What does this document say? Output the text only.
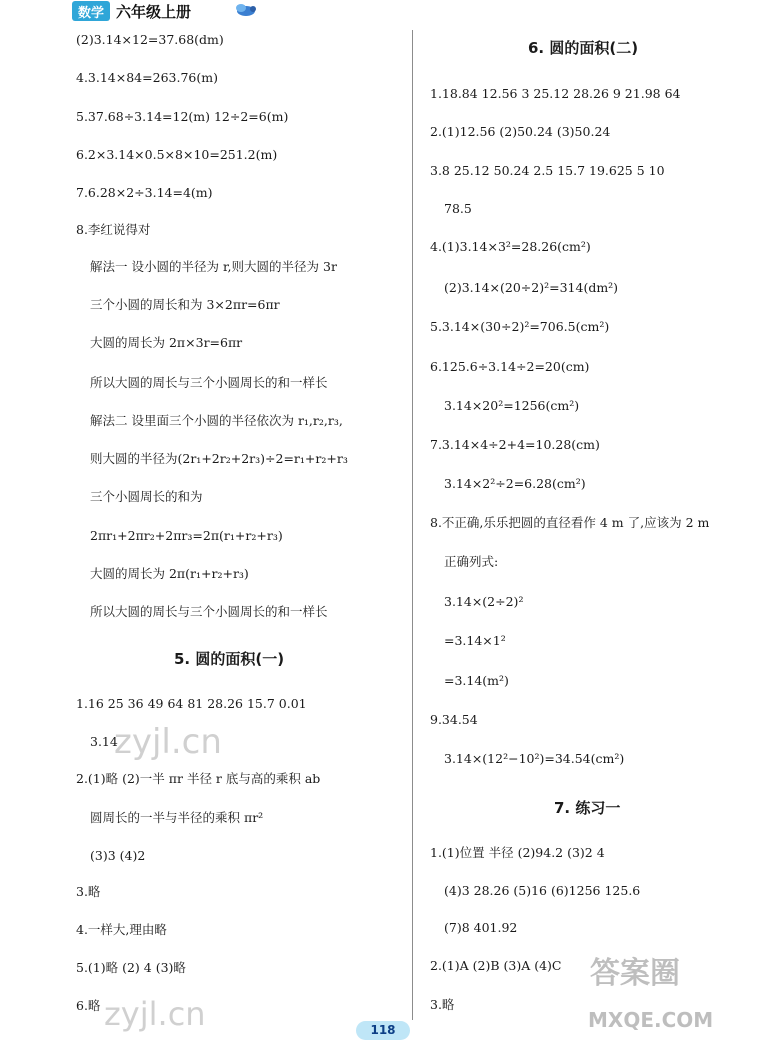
数学 六年级上册
(2)3.14×12=37.68(dm)
4.3.14×84=263.76(m)
5.37.68÷3.14=12(m) 12÷2=6(m)
6.2×3.14×0.5×8×10=251.2(m)
7.6.28×2÷3.14=4(m)
8.李红说得对
解法一 设小圆的半径为 r,则大圆的半径为 3r
三个小圆的周长和为 3×2πr=6πr
大圆的周长为 2π×3r=6πr
所以大圆的周长与三个小圆周长的和一样长
解法二 设里面三个小圆的半径依次为 r₁,r₂,r₃,
则大圆的半径为(2r₁+2r₂+2r₃)÷2=r₁+r₂+r₃
三个小圆周长的和为
2πr₁+2πr₂+2πr₃=2π(r₁+r₂+r₃)
大圆的周长为 2π(r₁+r₂+r₃)
所以大圆的周长与三个小圆周长的和一样长
5. 圆的面积(一)
1.16 25 36 49 64 81 28.26 15.7 0.01
3.14
2.(1)略 (2)一半 πr 半径 r 底与高的乘积 ab
圆周长的一半与半径的乘积 πr²
(3)3 (4)2
3.略
4.一样大,理由略
5.(1)略 (2) 4 (3)略
6.略
6. 圆的面积(二)
1.18.84 12.56 3 25.12 28.26 9 21.98 64
2.(1)12.56 (2)50.24 (3)50.24
3.8 25.12 50.24 2.5 15.7 19.625 5 10
78.5
4.(1)3.14×3²=28.26(cm²)
(2)3.14×(20÷2)²=314(dm²)
5.3.14×(30÷2)²=706.5(cm²)
6.125.6÷3.14÷2=20(cm)
3.14×20²=1256(cm²)
7.3.14×4÷2+4=10.28(cm)
3.14×2²÷2=6.28(cm²)
8.不正确,乐乐把圆的直径看作 4 m 了,应该为 2 m
正确列式:
3.14×(2÷2)²
=3.14×1²
=3.14(m²)
9.34.54
3.14×(12²−10²)=34.54(cm²)
7. 练习一
1.(1)位置 半径 (2)94.2 (3)2 4
(4)3 28.26 (5)16 (6)1256 125.6
(7)8 401.92
2.(1)A (2)B (3)A (4)C
3.略
118
zyjl.cn
zyjl.cn
答案圈
MXQE.COM
